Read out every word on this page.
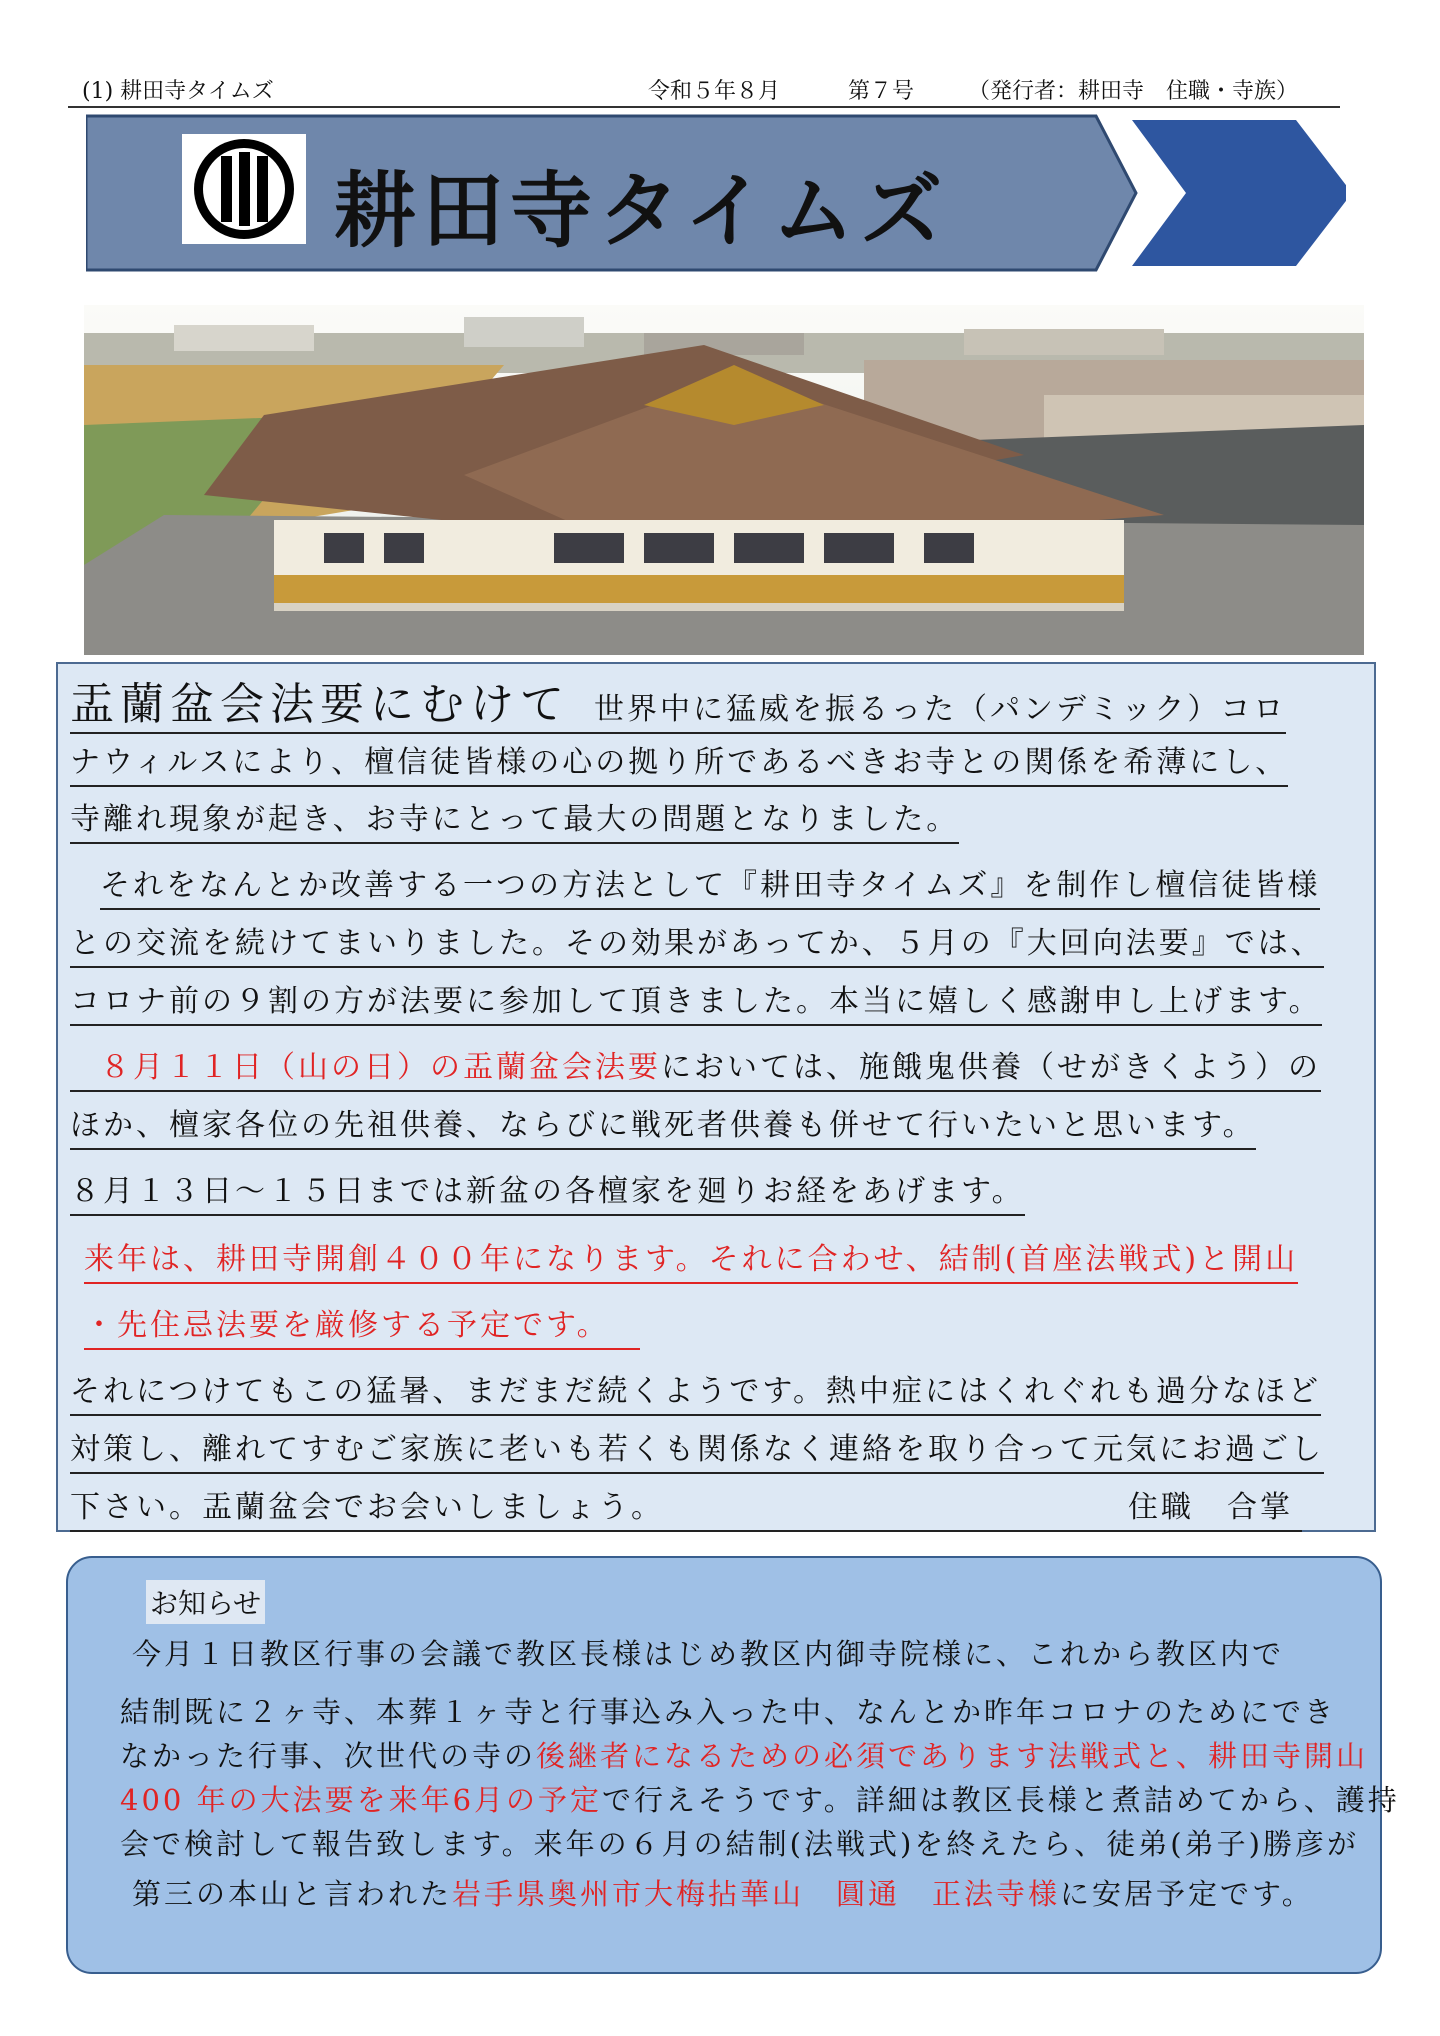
(1) 耕田寺タイムズ	令和５年８月	第７号 （発行者：耕田寺　住職・寺族）
耕田寺タイムズ
盂蘭盆会法要にむけて 世界中に猛威を振るった（パンデミック）コロ
ナウィルスにより、檀信徒皆様の心の拠り所であるべきお寺との関係を希薄にし、
寺離れ現象が起き、お寺にとって最大の問題となりました。
それをなんとか改善する一つの方法として『耕田寺タイムズ』を制作し檀信徒皆様
との交流を続けてまいりました。その効果があってか、５月の『大回向法要』では、
コロナ前の９割の方が法要に参加して頂きました。本当に嬉しく感謝申し上げます。
８月１１日（山の日）の盂蘭盆会法要においては、施餓鬼供養（せがきくよう）の
ほか、檀家各位の先祖供養、ならびに戦死者供養も併せて行いたいと思います。
８月１３日～１５日までは新盆の各檀家を廻りお経をあげます。
来年は、耕田寺開創４００年になります。それに合わせ、結制(首座法戦式)と開山
・先住忌法要を厳修する予定です。
それにつけてもこの猛暑、まだまだ続くようです。熱中症にはくれぐれも過分なほど
対策し、離れてすむご家族に老いも若くも関係なく連絡を取り合って元気にお過ごし
下さい。盂蘭盆会でお会いしましょう。	住職　合掌
お知らせ
今月１日教区行事の会議で教区長様はじめ教区内御寺院様に、これから教区内で
結制既に２ヶ寺、本葬１ヶ寺と行事込み入った中、なんとか昨年コロナのためにでき
なかった行事、次世代の寺の後継者になるための必須であります法戦式と、耕田寺開山
400 年の大法要を来年6月の予定で行えそうです。詳細は教区長様と煮詰めてから、護持
会で検討して報告致します。来年の６月の結制(法戦式)を終えたら、徒弟(弟子)勝彦が
第三の本山と言われた岩手県奥州市大梅拈華山　圓通　正法寺様に安居予定です。
